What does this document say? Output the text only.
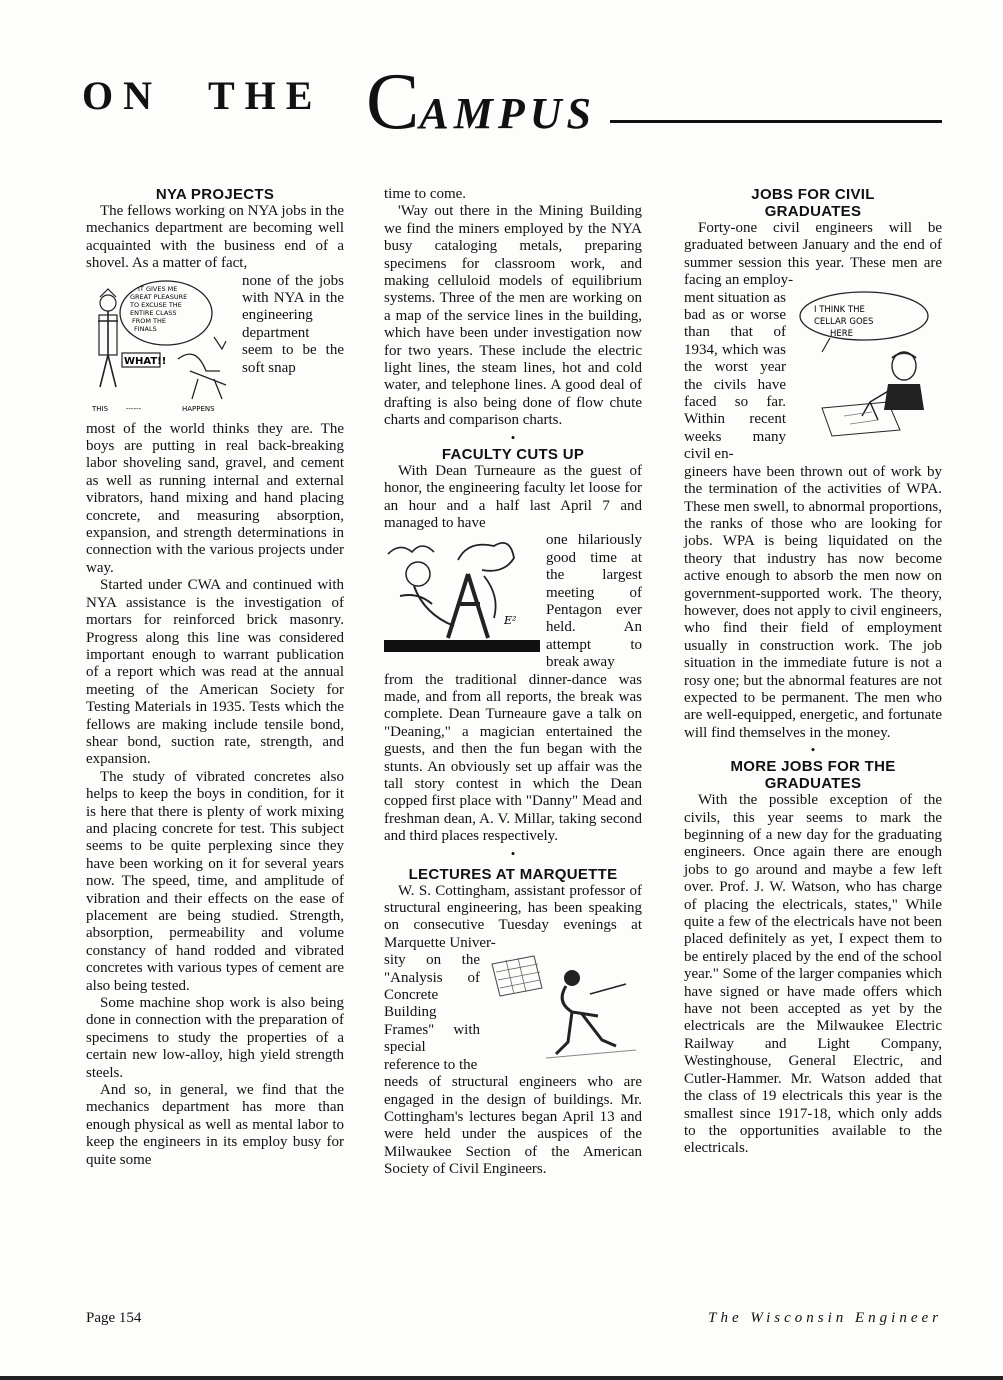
ON THE CAMPUS
NYA PROJECTS

The fellows working on NYA jobs in the mechanics department are becoming well acquainted with the business end of a shovel. As a matter of fact,

IT GIVES ME
GREAT PLEASURE
TO EXCUSE THE
ENTIRE CLASS
FROM THE
FINALS
WHAT!!
THIS	------	HAPPENS

none of the jobs with NYA in the engineering department seem to be the soft snap

most of the world thinks they are. The boys are putting in real back-breaking labor shoveling sand, gravel, and cement as well as running internal and external vibrators, hand mixing and hand placing concrete, and measuring absorption, expansion, and strength determinations in connection with the various projects under way.

Started under CWA and continued with NYA assistance is the investigation of mortars for reinforced brick masonry. Progress along this line was considered important enough to warrant publication of a report which was read at the annual meeting of the American Society for Testing Materials in 1935. Tests which the fellows are making include tensile bond, shear bond, suction rate, strength, and expansion.

The study of vibrated concretes also helps to keep the boys in condition, for it is here that there is plenty of work mixing and placing concrete for test. This subject seems to be quite perplexing since they have been working on it for several years now. The speed, time, and amplitude of vibration and their effects on the ease of placement are being studied. Strength, absorption, permeability and volume constancy of hand rodded and vibrated concretes with various types of cement are also being tested.

Some machine shop work is also being done in connection with the preparation of specimens to study the properties of a certain new low-alloy, high yield strength steels.

And so, in general, we find that the mechanics department has more than enough physical as well as mental labor to keep the engineers in its employ busy for quite some

time to come.

'Way out there in the Mining Building we find the miners employed by the NYA busy cataloging metals, preparing specimens for classroom work, and making celluloid models of equilibrium systems. Three of the men are working on a map of the service lines in the building, which have been under investigation now for two years. These include the electric light lines, the steam lines, hot and cold water, and telephone lines. A good deal of drafting is also being done of flow chute charts and comparison charts.

•
FACULTY CUTS UP

With Dean Turneaure as the guest of honor, the engineering faculty let loose for an hour and a half last April 7 and managed to have

E²

one hilariously good time at the largest meeting of Pentagon ever held. An attempt to break away

from the traditional dinner-dance was made, and from all reports, the break was complete. Dean Turneaure gave a talk on "Deaning," a magician entertained the guests, and then the fun began with the stunts. An obviously set up affair was the tall story contest in which the Dean copped first place with "Danny" Mead and freshman dean, A. V. Millar, taking second and third places respectively.

•
LECTURES AT MARQUETTE

W. S. Cottingham, assistant professor of structural engineering, has been speaking on consecutive Tuesday evenings at Marquette Univer-

sity on the "Analysis of Concrete Building Frames" with special reference to the

needs of structural engineers who are engaged in the design of buildings. Mr. Cottingham's lectures began April 13 and were held under the auspices of the Milwaukee Section of the American Society of Civil Engineers.

JOBS FOR CIVIL GRADUATES

Forty-one civil engineers will be graduated between January and the end of summer session this year. These men are facing an employ-

I THINK THE
CELLAR GOES
HERE

ment situation as bad as or worse than that of 1934, which was the worst year the civils have faced so far. Within recent weeks many civil en-

gineers have been thrown out of work by the termination of the activities of WPA. These men swell, to abnormal proportions, the ranks of those who are looking for jobs. WPA is being liquidated on the theory that industry has now become active enough to absorb the men now on government-supported work. The theory, however, does not apply to civil engineers, who find their field of employment usually in construction work. The job situation in the immediate future is not a rosy one; but the abnormal features are not expected to be permanent. The men who are well-equipped, energetic, and fortunate will find themselves in the money.

•
MORE JOBS FOR THE GRADUATES

With the possible exception of the civils, this year seems to mark the beginning of a new day for the graduating engineers. Once again there are enough jobs to go around and maybe a few left over. Prof. J. W. Watson, who has charge of placing the electricals, states," While quite a few of the electricals have not been placed definitely as yet, I expect them to be entirely placed by the end of the school year." Some of the larger companies which have signed or have made offers which have not been accepted as yet by the electricals are the Milwaukee Electric Railway and Light Company, Westinghouse, General Electric, and Cutler-Hammer. Mr. Watson added that the class of 19 electricals this year is the smallest since 1917-18, which only adds to the opportunities available to the electricals.

Page 154	The Wisconsin Engineer
